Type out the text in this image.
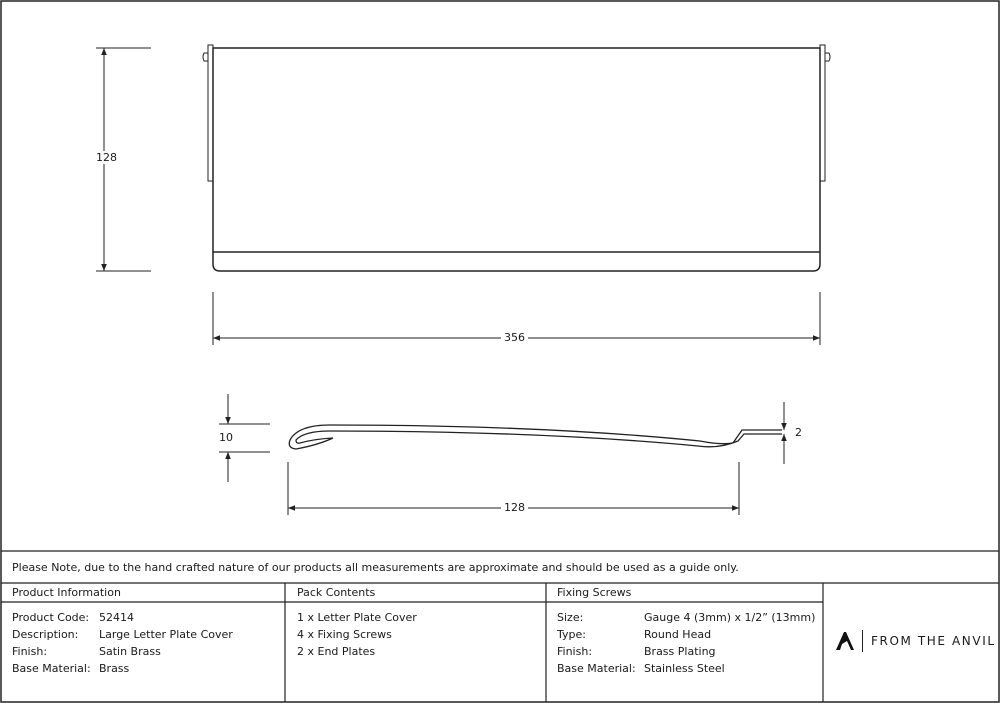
128
356
10	2
128
Please Note, due to the hand crafted nature of our products all measurements are approximate and should be used as a guide only.
Product Information
Product Code: 52414
Description: Large Letter Plate Cover
Finish:	Satin Brass
Base Material: Brass
Pack Contents
1 x Letter Plate Cover
4 x Fixing Screws
2 x End Plates
Fixing Screws
Size:	Gauge 4 (3mm) x 1/2” (13mm)
Type:	Round Head
Finish:	Brass Plating
Base Material: Stainless Steel
FROM THE ANVIL
